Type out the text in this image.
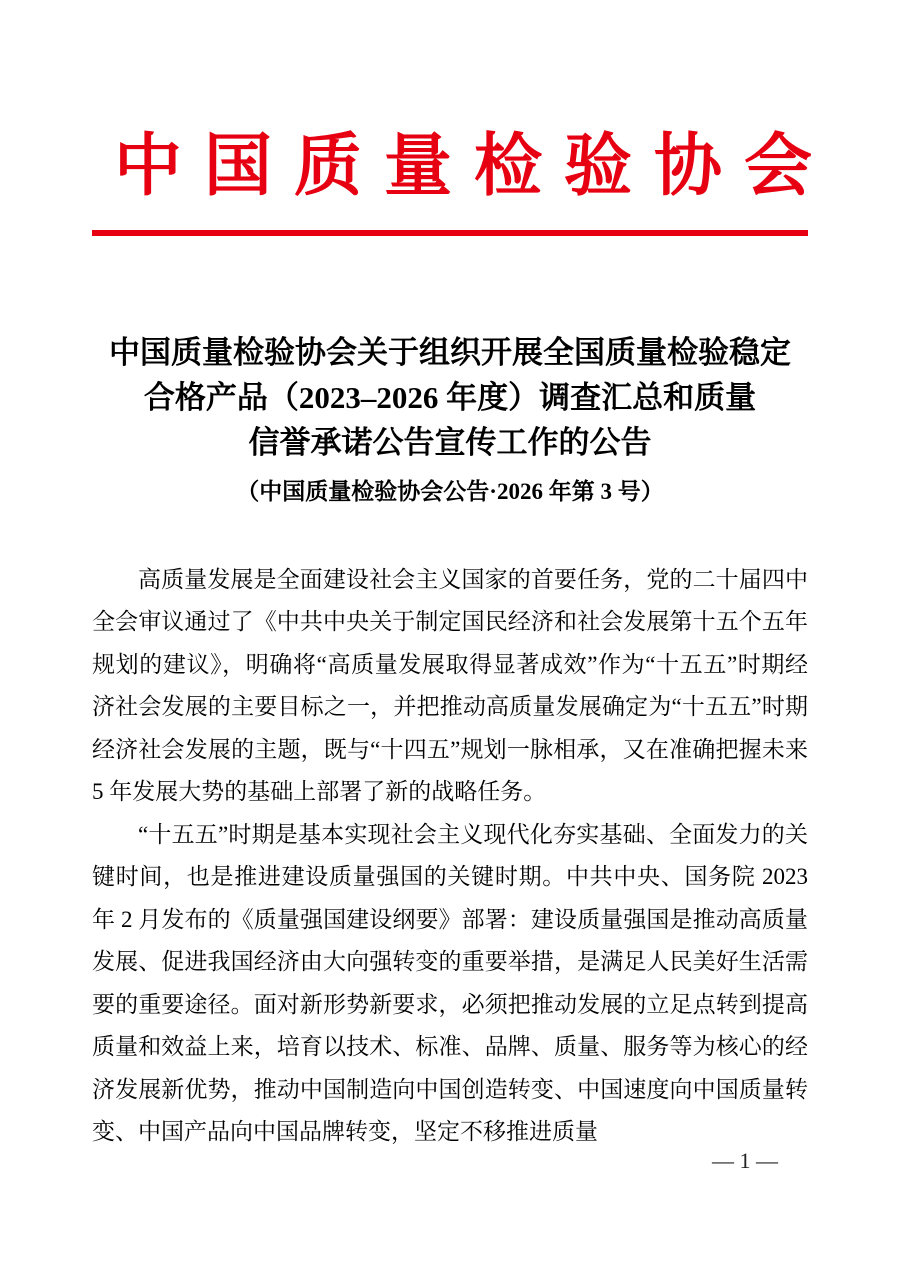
中国质量检验协会
中国质量检验协会关于组织开展全国质量检验稳定
合格产品（2023–2026 年度）调查汇总和质量
信誉承诺公告宣传工作的公告
（中国质量检验协会公告·2026 年第 3 号）

高质量发展是全面建设社会主义国家的首要任务，党的二十届四中全会审议通过了《中共中央关于制定国民经济和社会发展第十五个五年规划的建议》，明确将“高质量发展取得显著成效”作为“十五五”时期经济社会发展的主要目标之一，并把推动高质量发展确定为“十五五”时期经济社会发展的主题，既与“十四五”规划一脉相承，又在准确把握未来 5 年发展大势的基础上部署了新的战略任务。

“十五五”时期是基本实现社会主义现代化夯实基础、全面发力的关键时间，也是推进建设质量强国的关键时期。中共中央、国务院 2023 年 2 月发布的《质量强国建设纲要》部署：建设质量强国是推动高质量发展、促进我国经济由大向强转变的重要举措，是满足人民美好生活需要的重要途径。面对新形势新要求，必须把推动发展的立足点转到提高质量和效益上来，培育以技术、标准、品牌、质量、服务等为核心的经济发展新优势，推动中国制造向中国创造转变、中国速度向中国质量转变、中国产品向中国品牌转变，坚定不移推进质量

— 1 —
